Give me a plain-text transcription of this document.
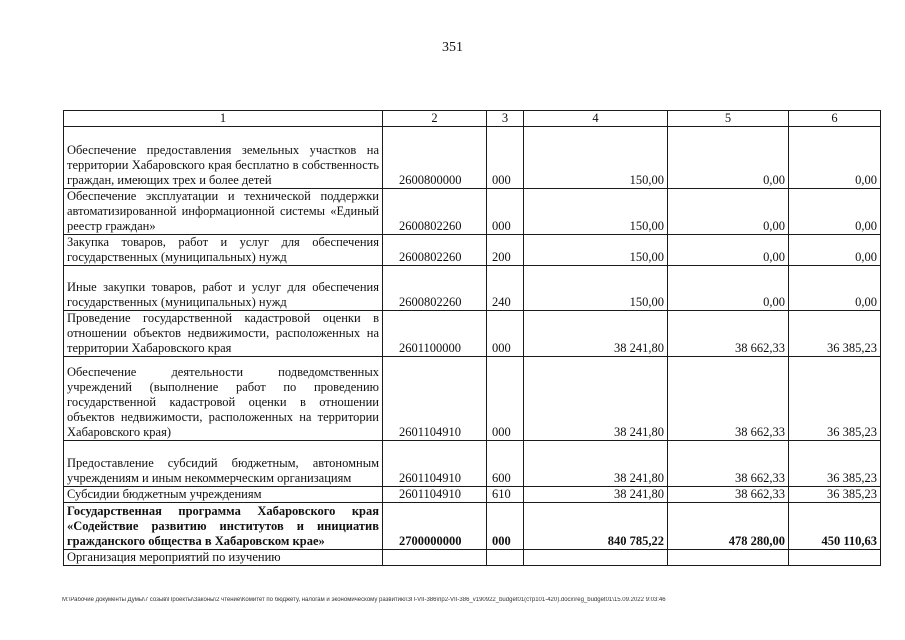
351
1	2	3	4	5	6
Обеспечение предоставления земельных участков на территории Хабаровского края бесплатно в собственность граждан, имеющих трех и более детей	2600800000	000	150,00	0,00	0,00
Обеспечение эксплуатации и технической поддержки автоматизированной информационной системы «Единый реестр граждан»	2600802260	000	150,00	0,00	0,00
Закупка товаров, работ и услуг для обеспечения государственных (муниципальных) нужд	2600802260	200	150,00	0,00	0,00
Иные закупки товаров, работ и услуг для обеспечения государственных (муниципальных) нужд	2600802260	240	150,00	0,00	0,00
Проведение государственной кадастровой оценки в отношении объектов недвижимости, расположенных на территории Хабаровского края	2601100000	000	38 241,80	38 662,33	36 385,23
Обеспечение деятельности подведомственных учреждений (выполнение работ по проведению государственной кадастровой оценки в отношении объектов недвижимости, расположенных на территории Хабаровского края)	2601104910	000	38 241,80	38 662,33	36 385,23
Предоставление субсидий бюджетным, автономным учреждениям и иным некоммерческим организациям	2601104910	600	38 241,80	38 662,33	36 385,23
Субсидии бюджетным учреждениям	2601104910	610	38 241,80	38 662,33	36 385,23
Государственная программа Хабаровского края «Содействие развитию институтов и инициатив гражданского общества в Хабаровском крае»	2700000000	000	840 785,22	478 280,00	450 110,63
Организация мероприятий по изучению					
M:\Рабочие документы Думы\7 созыв\Проекты\Законы\2 чтение\Комитет по бюджету, налогам и экономическому развитию\ЗП-VII-386\пр2-VII-386_v190922_budget01(стр101-420).docx\reg_budget01\15.09.2022 9:03:46
